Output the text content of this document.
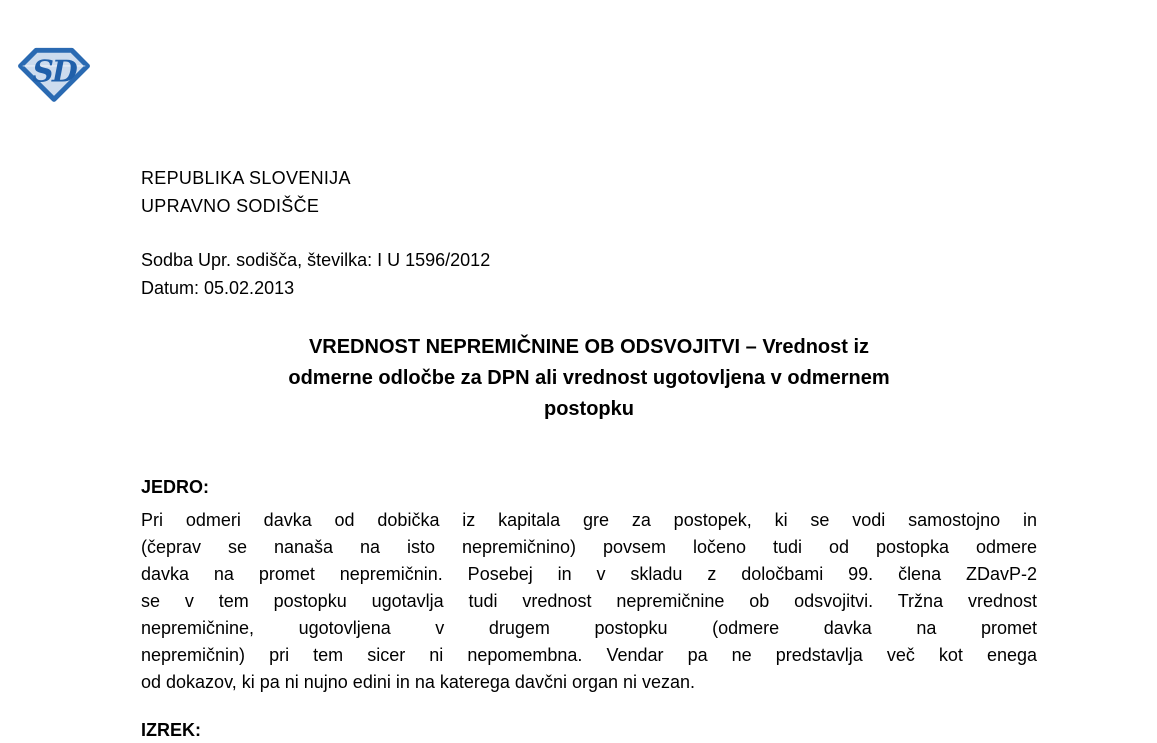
SD
REPUBLIKA SLOVENIJA
UPRAVNO SODIŠČE
Sodba Upr. sodišča, številka: I U 1596/2012
Datum: 05.02.2013
VREDNOST NEPREMIČNINE OB ODSVOJITVI – Vrednost iz
odmerne odločbe za DPN ali vrednost ugotovljena v odmernem
postopku
JEDRO:
Pri odmeri davka od dobička iz kapitala gre za postopek, ki se vodi samostojno in
(čeprav se nanaša na isto nepremičnino) povsem ločeno tudi od postopka odmere
davka na promet nepremičnin. Posebej in v skladu z določbami 99. člena ZDavP-2
se v tem postopku ugotavlja tudi vrednost nepremičnine ob odsvojitvi. Tržna vrednost
nepremičnine, ugotovljena v drugem postopku (odmere davka na promet
nepremičnin) pri tem sicer ni nepomembna. Vendar pa ne predstavlja več kot enega
od dokazov, ki pa ni nujno edini in na katerega davčni organ ni vezan.
IZREK:
